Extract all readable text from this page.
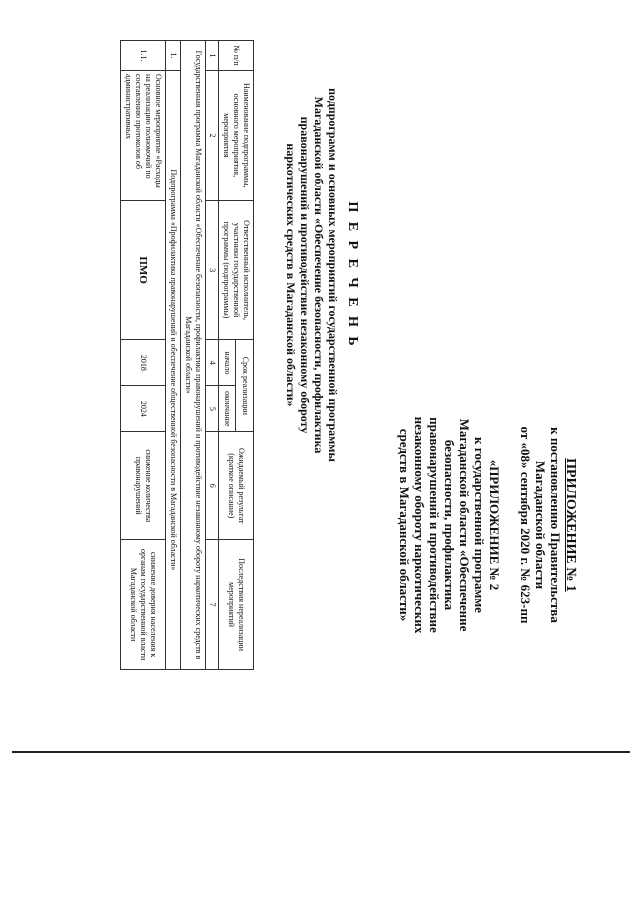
ПРИЛОЖЕНИЕ № 1
к постановлению Правительства
Магаданской области
от «08» сентября 2020 г. № 623-пп
«ПРИЛОЖЕНИЕ № 2
к государственной программе
Магаданской области «Обеспечение
безопасности, профилактика
правонарушений и противодействие
незаконному обороту наркотических
средств в Магаданской области»
П Е Р Е Ч Е Н Ь
подпрограмм и основных мероприятий государственной программы
Магаданской области «Обеспечение безопасности, профилактика
правонарушений и противодействие незаконному обороту
наркотических средств в Магаданской области»
№ п/п	Наименование подпрограммы, основного мероприятия, мероприятия	Ответственный исполнитель, участники государственной программы (подпрограммы)	Срок реализации		Ожидаемый результат (краткое описание)	Последствия нереализации мероприятий
			начало	окончание		
1	2	3	4	5	6	7
Государственная программа Магаданской области «Обеспечение безопасности, профилактика правонарушений и противодействие незаконному обороту наркотических средств в Магаданской области»						
1.	Подпрограмма «Профилактика правонарушений и обеспечение общественной безопасности в Магаданской области»					
1.1.	Основное мероприятие «Расходы на реализацию полномочий по составлению протоколов об административных	ПМО	2018	2024	снижение количества правонарушений	снижение доверия населения к органам государственной власти Магаданской области
